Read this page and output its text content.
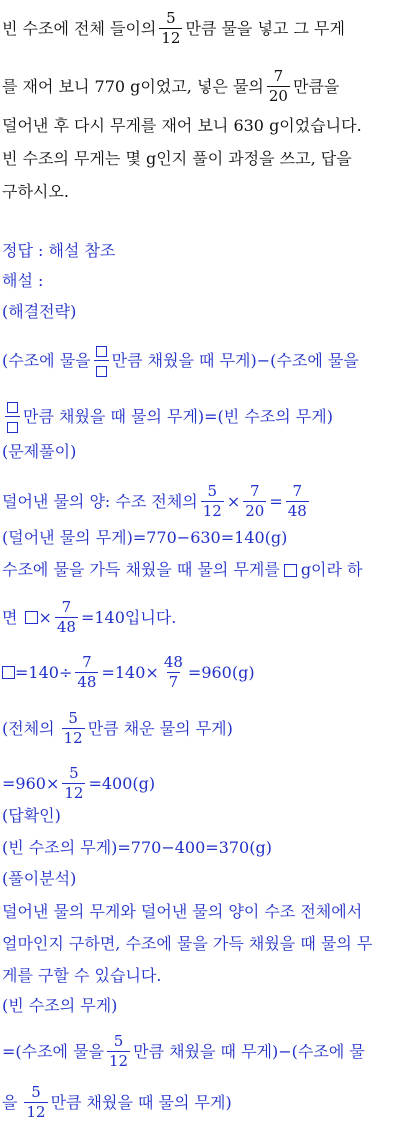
빈 수조에 전체 들이의 $\frac{5}{12}$ 만큼 물을 넣고 그 무게
를 재어 보니 770 g이었고, 넣은 물의 $\frac{7}{20}$ 만큼을
덜어낸 후 다시 무게를 재어 보니 630 g이었습니다.
빈 수조의 무게는 몇 g인지 풀이 과정을 쓰고, 답을
구하시오.
정답 : 해설 참조
해설 :
(해결전략)
(수조에 물을 만큼 채웠을 때 무게)−(수조에 물을
만큼 채웠을 때 물의 무게)=(빈 수조의 무게)
(문제풀이)
덜어낸 물의 양: 수조 전체의 $\frac{5}{12} \times \frac{7}{20} = \frac{7}{48}$
(덜어낸 물의 무게)=770−630=140(g)
수조에 물을 가득 채웠을 때 물의 무게를 g이라 하
면 × $\frac{7}{48} =140$입니다.
$=140\div \frac{7}{48} =140\times \frac{48}{7} =960(g)$
(전체의 $\frac{5}{12}$ 만큼 채운 물의 무게)
$=960\times \frac{5}{12} =400(g)$
(답확인)
(빈 수조의 무게)=770−400=370(g)
(풀이분석)
덜어낸 물의 무게와 덜어낸 물의 양이 수조 전체에서
얼마인지 구하면, 수조에 물을 가득 채웠을 때 물의 무
게를 구할 수 있습니다.
(빈 수조의 무게)
=(수조에 물을 $\frac{5}{12}$ 만큼 채웠을 때 무게)−(수조에 물
을 $\frac{5}{12}$ 만큼 채웠을 때 물의 무게)
